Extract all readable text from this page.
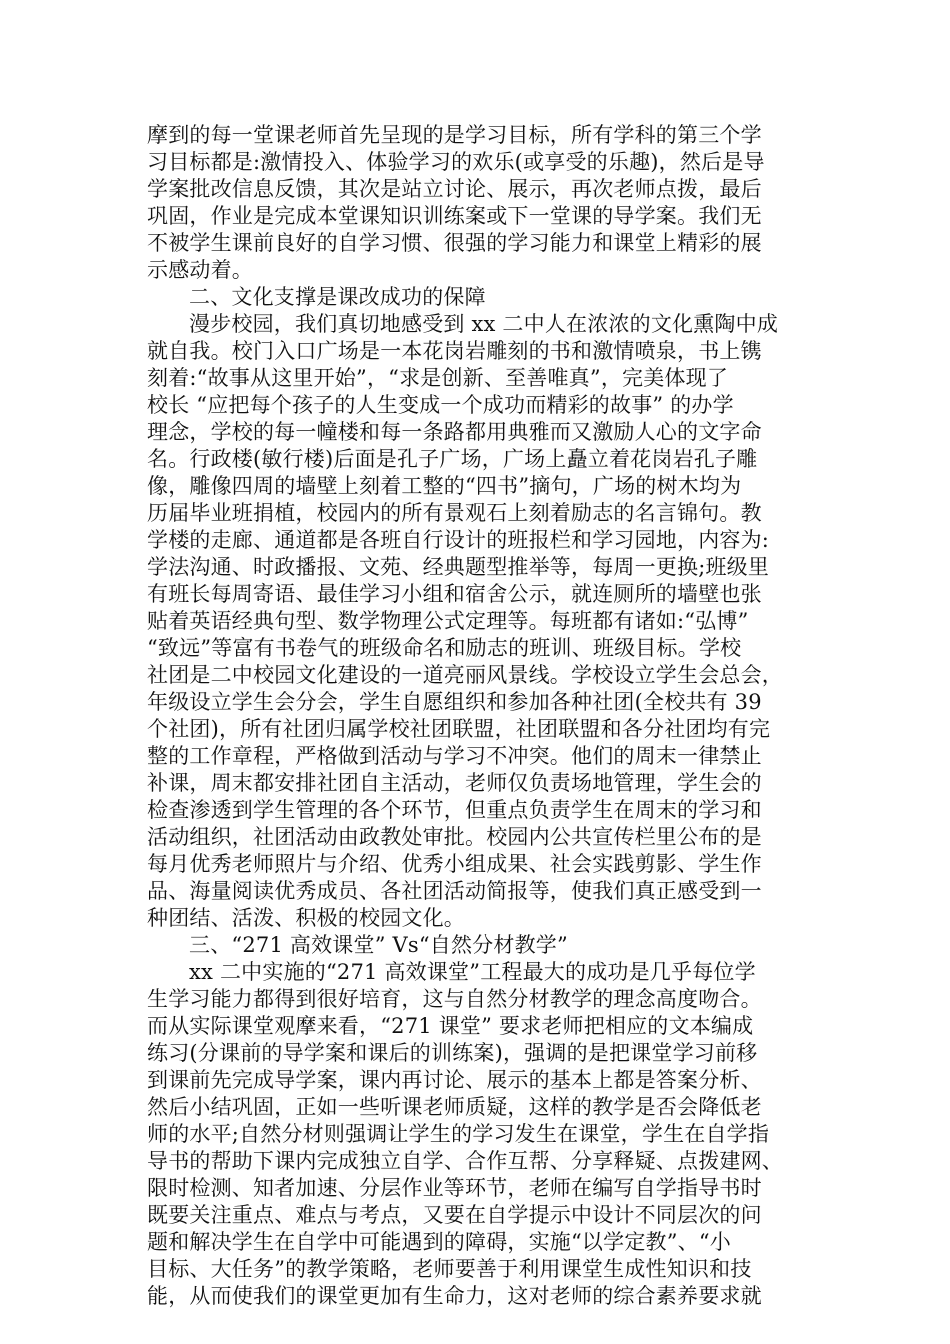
摩到的每一堂课老师首先呈现的是学习目标，所有学科的第三个学
习目标都是:激情投入、体验学习的欢乐(或享受的乐趣)，然后是导
学案批改信息反馈，其次是站立讨论、展示，再次老师点拨，最后
巩固，作业是完成本堂课知识训练案或下一堂课的导学案。我们无
不被学生课前良好的自学习惯、很强的学习能力和课堂上精彩的展
示感动着。
二、文化支撑是课改成功的保障
漫步校园，我们真切地感受到 xx 二中人在浓浓的文化熏陶中成
就自我。校门入口广场是一本花岗岩雕刻的书和激情喷泉，书上镌
刻着:“故事从这里开始”，“求是创新、至善唯真”，完美体现了
校长 “应把每个孩子的人生变成一个成功而精彩的故事” 的办学
理念，学校的每一幢楼和每一条路都用典雅而又激励人心的文字命
名。行政楼(敏行楼)后面是孔子广场，广场上矗立着花岗岩孔子雕
像，雕像四周的墙壁上刻着工整的“四书”摘句，广场的树木均为
历届毕业班捐植，校园内的所有景观石上刻着励志的名言锦句。教
学楼的走廊、通道都是各班自行设计的班报栏和学习园地，内容为:
学法沟通、时政播报、文苑、经典题型推举等，每周一更换;班级里
有班长每周寄语、最佳学习小组和宿舍公示，就连厕所的墙壁也张
贴着英语经典句型、数学物理公式定理等。每班都有诸如:“弘博”
“致远”等富有书卷气的班级命名和励志的班训、班级目标。学校
社团是二中校园文化建设的一道亮丽风景线。学校设立学生会总会，
年级设立学生会分会，学生自愿组织和参加各种社团(全校共有 39
个社团)，所有社团归属学校社团联盟，社团联盟和各分社团均有完
整的工作章程，严格做到活动与学习不冲突。他们的周末一律禁止
补课，周末都安排社团自主活动，老师仅负责场地管理，学生会的
检查渗透到学生管理的各个环节，但重点负责学生在周末的学习和
活动组织，社团活动由政教处审批。校园内公共宣传栏里公布的是
每月优秀老师照片与介绍、优秀小组成果、社会实践剪影、学生作
品、海量阅读优秀成员、各社团活动简报等，使我们真正感受到一
种团结、活泼、积极的校园文化。
三、“271 高效课堂” Vs“自然分材教学”
xx 二中实施的“271 高效课堂”工程最大的成功是几乎每位学
生学习能力都得到很好培育，这与自然分材教学的理念高度吻合。
而从实际课堂观摩来看，“271 课堂” 要求老师把相应的文本编成
练习(分课前的导学案和课后的训练案)，强调的是把课堂学习前移
到课前先完成导学案，课内再讨论、展示的基本上都是答案分析、
然后小结巩固，正如一些听课老师质疑，这样的教学是否会降低老
师的水平;自然分材则强调让学生的学习发生在课堂，学生在自学指
导书的帮助下课内完成独立自学、合作互帮、分享释疑、点拨建网、
限时检测、知者加速、分层作业等环节，老师在编写自学指导书时
既要关注重点、难点与考点，又要在自学提示中设计不同层次的问
题和解决学生在自学中可能遇到的障碍，实施“以学定教”、“小
目标、大任务”的教学策略，老师要善于利用课堂生成性知识和技
能，从而使我们的课堂更加有生命力，这对老师的综合素养要求就
